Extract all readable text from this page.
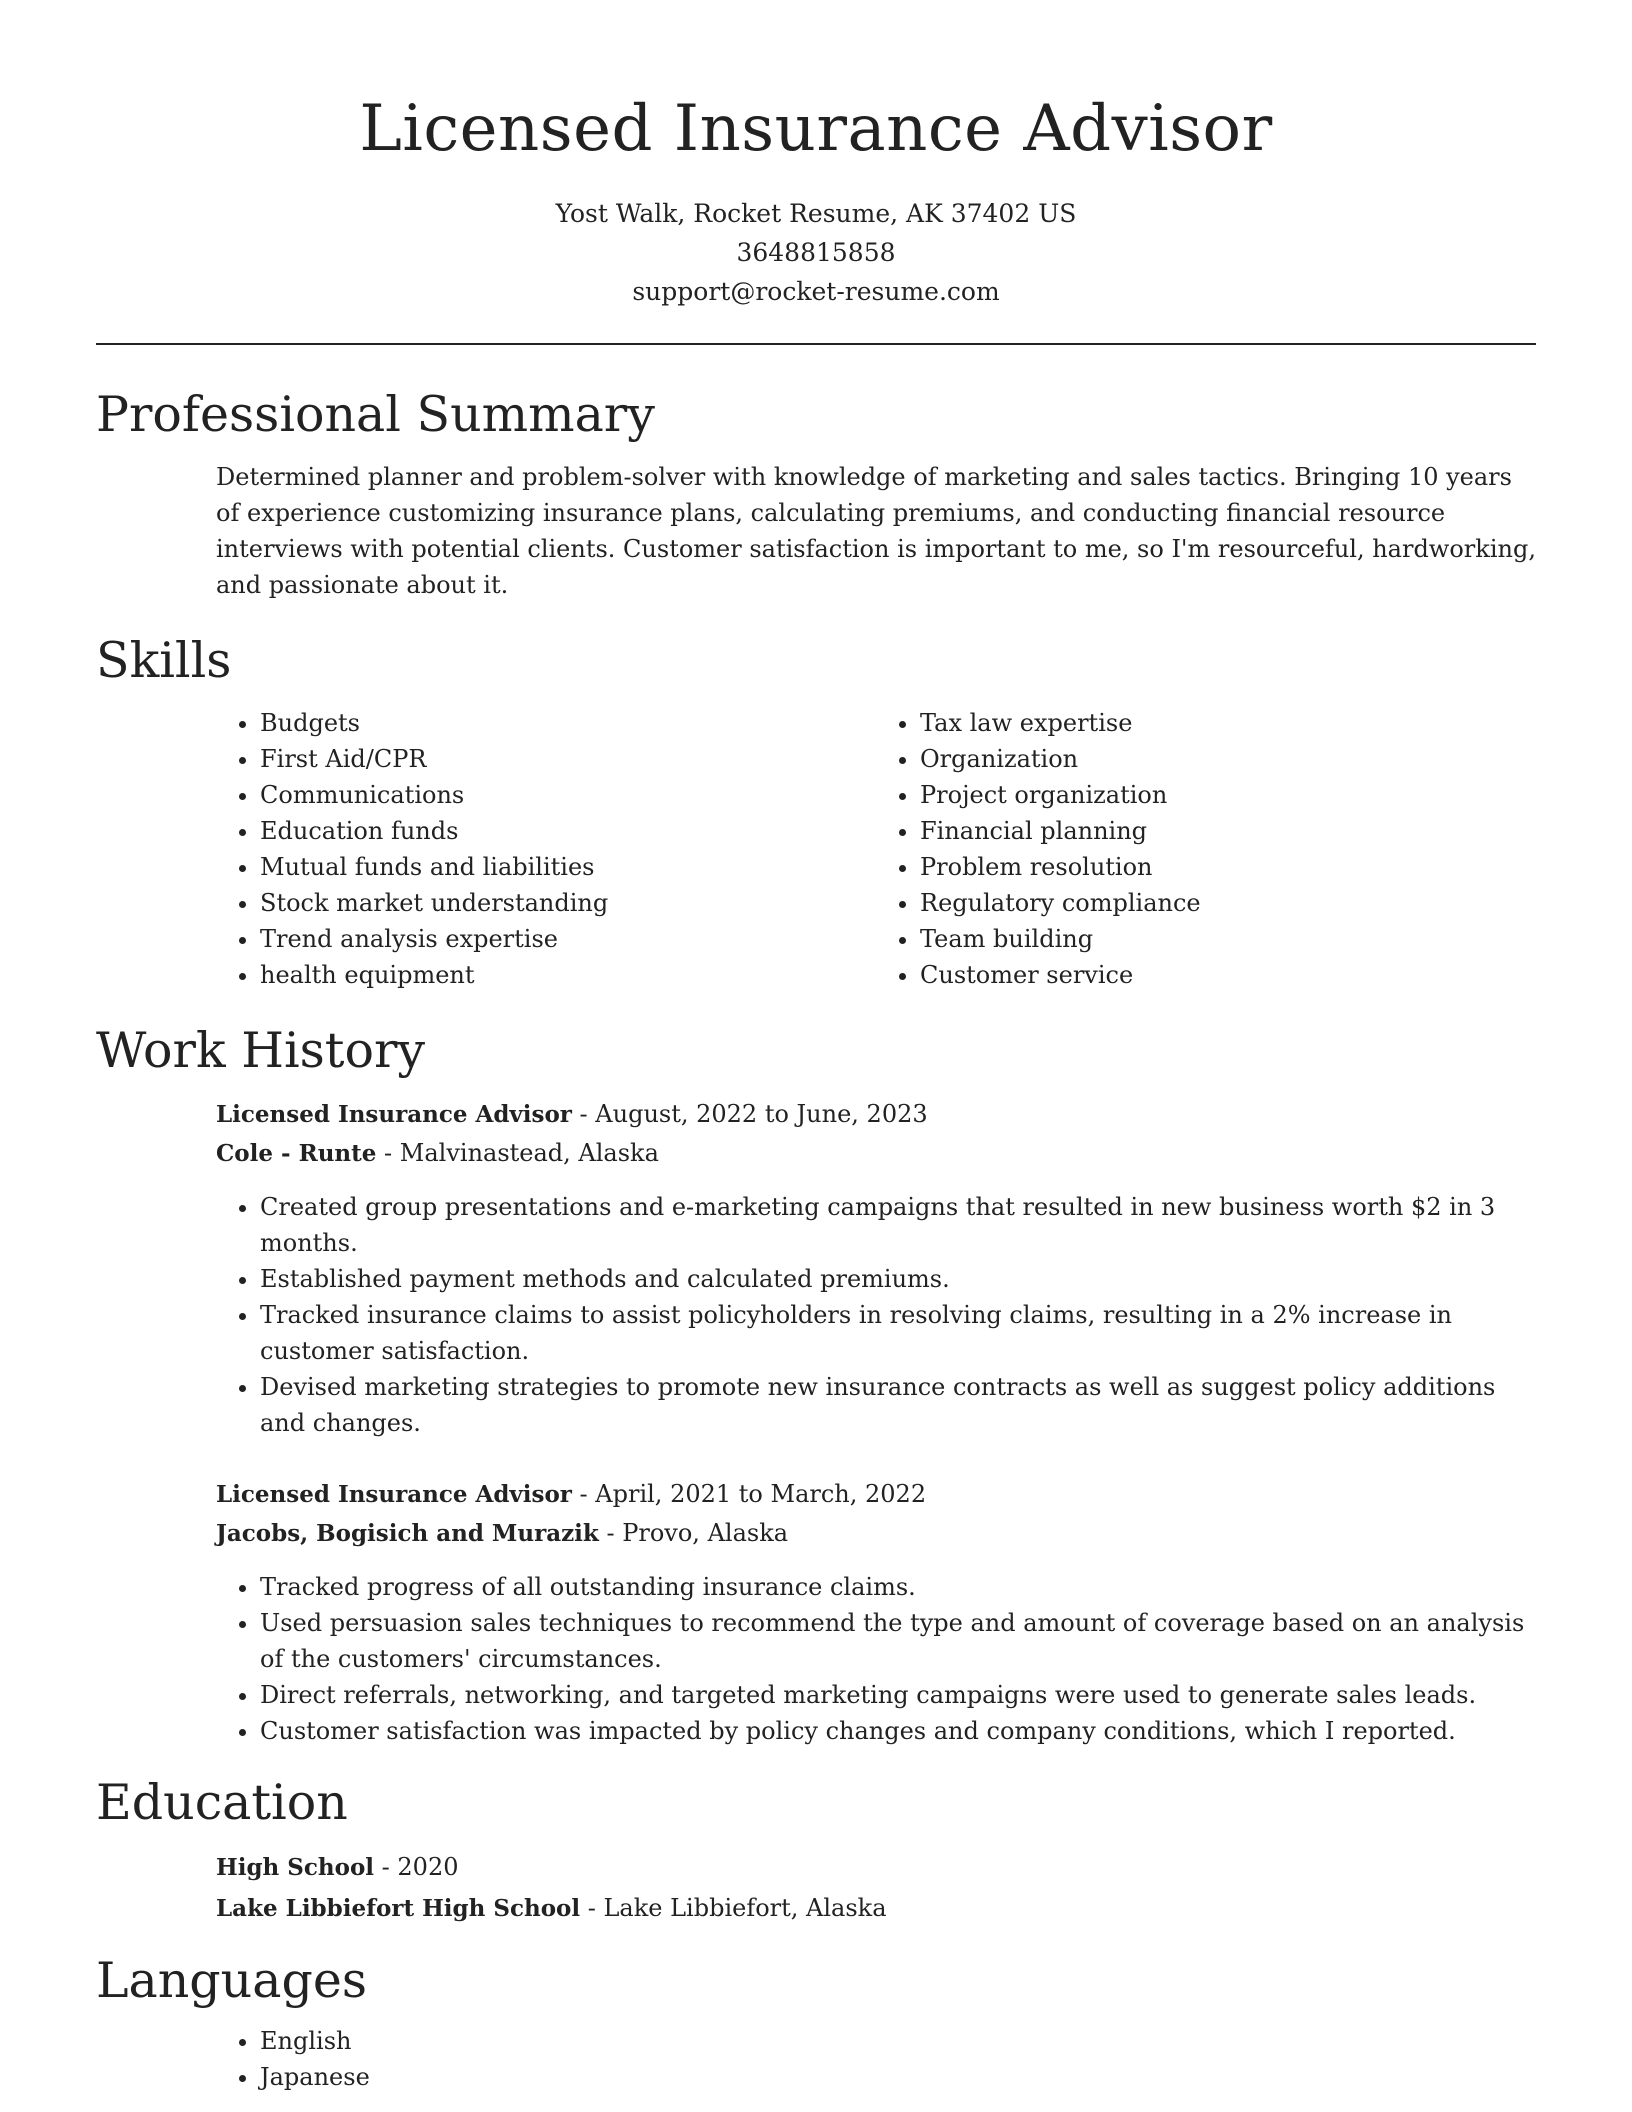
Licensed Insurance Advisor
Yost Walk, Rocket Resume, AK 37402 US
3648815858
support@rocket-resume.com
Professional Summary
Determined planner and problem-solver with knowledge of marketing and sales tactics. Bringing 10 years of experience customizing insurance plans, calculating premiums, and conducting financial resource interviews with potential clients. Customer satisfaction is important to me, so I'm resourceful, hardworking, and passionate about it.
Skills
• Budgets
• First Aid/CPR
• Communications
• Education funds
• Mutual funds and liabilities
• Stock market understanding
• Trend analysis expertise
• health equipment
• Tax law expertise
• Organization
• Project organization
• Financial planning
• Problem resolution
• Regulatory compliance
• Team building
• Customer service
Work History
Licensed Insurance Advisor - August, 2022 to June, 2023
Cole - Runte - Malvinastead, Alaska
• Created group presentations and e-marketing campaigns that resulted in new business worth $2 in 3 months.
• Established payment methods and calculated premiums.
• Tracked insurance claims to assist policyholders in resolving claims, resulting in a 2% increase in customer satisfaction.
• Devised marketing strategies to promote new insurance contracts as well as suggest policy additions and changes.
Licensed Insurance Advisor - April, 2021 to March, 2022
Jacobs, Bogisich and Murazik - Provo, Alaska
• Tracked progress of all outstanding insurance claims.
• Used persuasion sales techniques to recommend the type and amount of coverage based on an analysis of the customers' circumstances.
• Direct referrals, networking, and targeted marketing campaigns were used to generate sales leads.
• Customer satisfaction was impacted by policy changes and company conditions, which I reported.
Education
High School - 2020
Lake Libbiefort High School - Lake Libbiefort, Alaska
Languages
• English
• Japanese
